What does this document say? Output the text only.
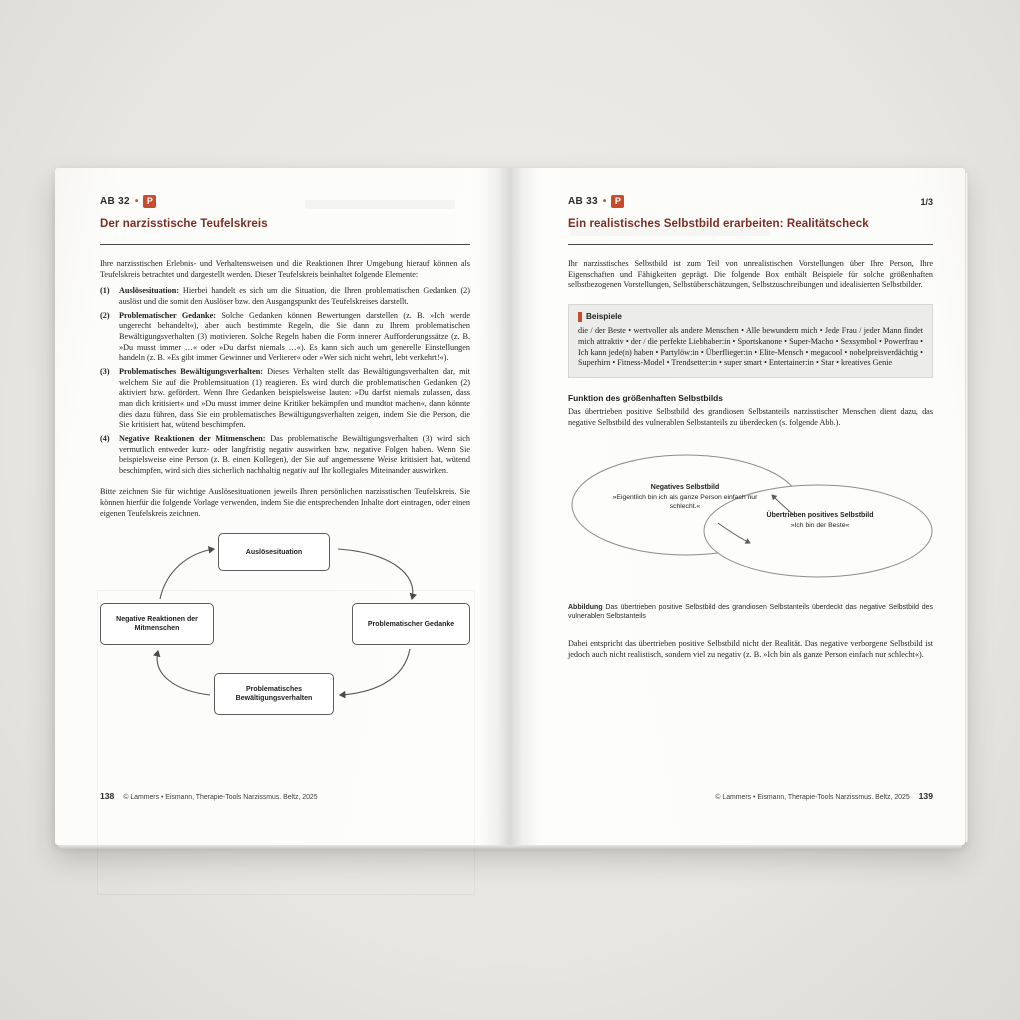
AB 32 • P
Der narzisstische Teufelskreis

Ihre narzisstischen Erlebnis- und Verhaltensweisen und die Reaktionen Ihrer Umgebung hierauf können als Teufelskreis betrachtet und dargestellt werden. Dieser Teufelskreis beinhaltet folgende Elemente:

(1)	Auslösesituation: Hierbei handelt es sich um die Situation, die Ihren problematischen Gedanken (2) auslöst und die somit den Auslöser bzw. den Ausgangspunkt des Teufelskreises darstellt.
(2)	Problematischer Gedanke: Solche Gedanken können Bewertungen darstellen (z. B. »Ich werde ungerecht behandelt«), aber auch bestimmte Regeln, die Sie dann zu Ihrem problematischen Bewältigungsverhalten (3) motivieren. Solche Regeln haben die Form innerer Aufforderungssätze (z. B. »Du musst immer …« oder »Du darfst niemals …«). Es kann sich auch um generelle Einstellungen handeln (z. B. »Es gibt immer Gewinner und Verlierer« oder »Wer sich nicht wehrt, lebt verkehrt!«).
(3)	Problematisches Bewältigungsverhalten: Dieses Verhalten stellt das Bewältigungsverhalten dar, mit welchem Sie auf die Problemsituation (1) reagieren. Es wird durch die problematischen Gedanken (2) aktiviert bzw. gefördert. Wenn Ihre Gedanken beispielsweise lauten: »Du darfst niemals zulassen, dass man dich kritisiert« und »Du musst immer deine Kritiker bekämpfen und mundtot machen«, dann könnte dies dazu führen, dass Sie ein problematisches Bewältigungsverhalten zeigen, indem Sie die Person, die Sie kritisiert hat, wütend beschimpfen.
(4)	Negative Reaktionen der Mitmenschen: Das problematische Bewältigungsverhalten (3) wird sich vermutlich entweder kurz- oder langfristig negativ auswirken bzw. negative Folgen haben. Wenn Sie beispielsweise eine Person (z. B. einen Kollegen), der Sie auf angemessene Weise kritisiert hat, wütend beschimpfen, wird sich dies sicherlich nachhaltig negativ auf Ihr kollegiales Miteinander auswirken.

Bitte zeichnen Sie für wichtige Auslösesituationen jeweils Ihren persönlichen narzisstischen Teufelskreis. Sie können hierfür die folgende Vorlage verwenden, indem Sie die entsprechenden Inhalte dort eintragen, oder einen eigenen Teufelskreis zeichnen.

Auslösesituation
Problematischer Gedanke
Problematisches Bewältigungsverhalten
Negative Reaktionen der Mitmenschen
138 © Lammers • Eismann, Therapie-Tools Narzissmus. Beltz, 2025
AB 33 • P	1/3
Ein realistisches Selbstbild erarbeiten: Realitätscheck

Ihr narzisstisches Selbstbild ist zum Teil von unrealistischen Vorstellungen über Ihre Person, Ihre Eigenschaften und Fähigkeiten geprägt. Die folgende Box enthält Beispiele für solche größenhaften selbstbezogenen Vorstellungen, Selbstüberschätzungen, Selbstzuschreibungen und idealisierten Selbstbilder.

Beispiele
die / der Beste • wertvoller als andere Menschen • Alle bewundern mich • Jede Frau / jeder Mann findet mich attraktiv • der / die perfekte Liebhaber:in • Sportskanone • Super-Macho • Sexsymbol • Powerfrau • Ich kann jede(n) haben • Partylöw:in • Überflieger:in • Elite-Mensch • megacool • nobelpreisverdächtig • Superhirn • Fitness-Model • Trendsetter:in • super smart • Entertainer:in • Star • kreatives Genie
Funktion des größenhaften Selbstbilds

Das übertrieben positive Selbstbild des grandiosen Selbstanteils narzisstischer Menschen dient dazu, das negative Selbstbild des vulnerablen Selbstanteils zu überdecken (s. folgende Abb.).

Negatives Selbstbild
»Eigentlich bin ich als ganze Person einfach nur schlecht.«
Übertrieben positives Selbstbild
»Ich bin der Beste«

Abbildung Das übertrieben positive Selbstbild des grandiosen Selbstanteils überdeckt das negative Selbstbild des vulnerablen Selbstanteils

Dabei entspricht das übertrieben positive Selbstbild nicht der Realität. Das negative verborgene Selbstbild ist jedoch auch nicht realistisch, sondern viel zu negativ (z. B. »Ich bin als ganze Person einfach nur schlecht«).

© Lammers • Eismann, Therapie-Tools Narzissmus. Beltz, 2025 139
